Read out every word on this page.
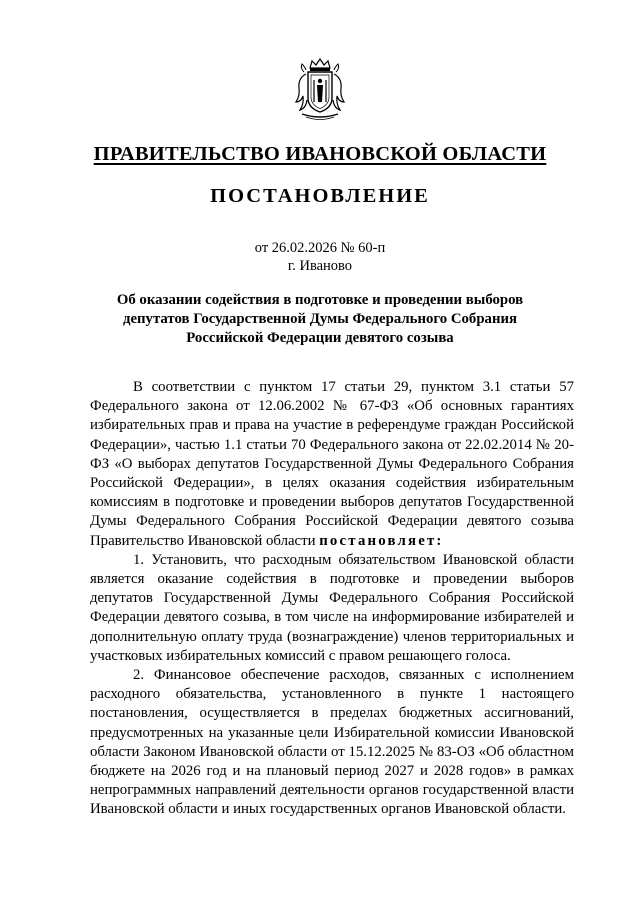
ПРАВИТЕЛЬСТВО ИВАНОВСКОЙ ОБЛАСТИ
ПОСТАНОВЛЕНИЕ
от 26.02.2026 № 60-п
г. Иваново
Об оказании содействия в подготовке и проведении выборов депутатов Государственной Думы Федерального Собрания Российской Федерации девятого созыва

В соответствии с пунктом 17 статьи 29, пунктом 3.1 статьи 57 Федерального закона от 12.06.2002 № 67-ФЗ «Об основных гарантиях избирательных прав и права на участие в референдуме граждан Российской Федерации», частью 1.1 статьи 70 Федерального закона от 22.02.2014 № 20-ФЗ «О выборах депутатов Государственной Думы Федерального Собрания Российской Федерации», в целях оказания содействия избирательным комиссиям в подготовке и проведении выборов депутатов Государственной Думы Федерального Собрания Российской Федерации девятого созыва Правительство Ивановской области постановляет:

1. Установить, что расходным обязательством Ивановской области является оказание содействия в подготовке и проведении выборов депутатов Государственной Думы Федерального Собрания Российской Федерации девятого созыва, в том числе на информирование избирателей и дополнительную оплату труда (вознаграждение) членов территориальных и участковых избирательных комиссий с правом решающего голоса.

2. Финансовое обеспечение расходов, связанных с исполнением расходного обязательства, установленного в пункте 1 настоящего постановления, осуществляется в пределах бюджетных ассигнований, предусмотренных на указанные цели Избирательной комиссии Ивановской области Законом Ивановской области от 15.12.2025 № 83-ОЗ «Об областном бюджете на 2026 год и на плановый период 2027 и 2028 годов» в рамках непрограммных направлений деятельности органов государственной власти Ивановской области и иных государственных органов Ивановской области.
